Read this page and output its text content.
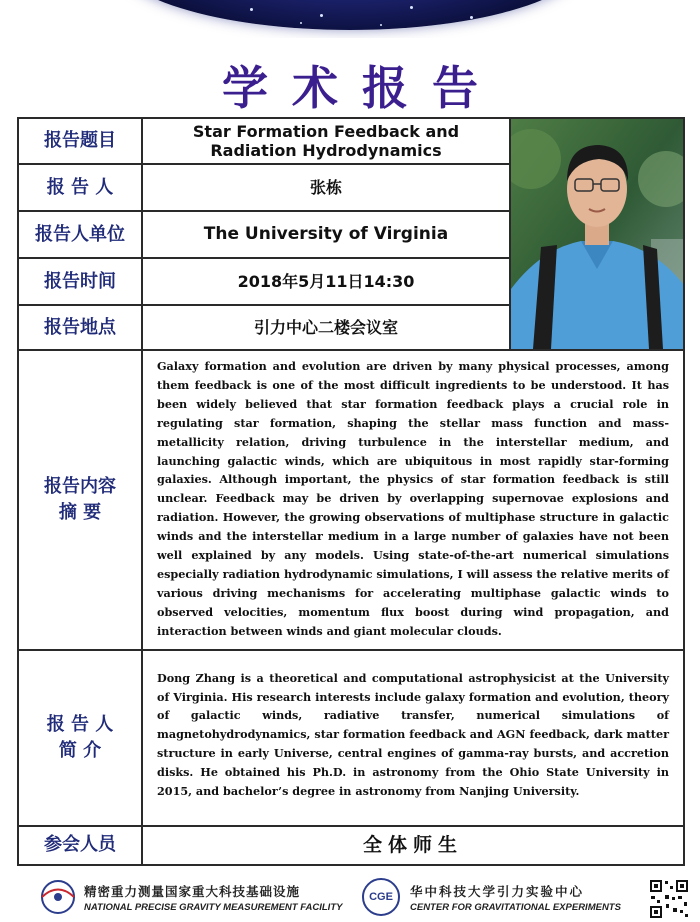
学术报告
报告题目	Star Formation Feedback and Radiation Hydrodynamics	

报 告 人	张栋	
报告人单位	The University of Virginia	
报告时间	2018年5月11日14:30	
报告地点	引力中心二楼会议室	

报告内容
摘 要	Galaxy formation and evolution are driven by many physical processes, among them feedback is one of the most difficult ingredients to be understood. It has been widely believed that star formation feedback plays a crucial role in regulating star formation, shaping the stellar mass function and mass-metallicity relation, driving turbulence in the interstellar medium, and launching galactic winds, which are ubiquitous in most rapidly star-forming galaxies. Although important, the physics of star formation feedback is still unclear. Feedback may be driven by overlapping supernovae explosions and radiation. However, the growing observations of multiphase structure in galactic winds and the interstellar medium in a large number of galaxies have not been well explained by any models. Using state-of-the-art numerical simulations especially radiation hydrodynamic simulations, I will assess the relative merits of various driving mechanisms for accelerating multiphase galactic winds to observed velocities, momentum flux boost during wind propagation, and interaction between winds and giant molecular clouds.	

报 告 人
简 介	Dong Zhang is a theoretical and computational astrophysicist at the University of Virginia. His research interests include galaxy formation and evolution, theory of galactic winds, radiative transfer, numerical simulations of magnetohydrodynamics, star formation feedback and AGN feedback, dark matter structure in early Universe, central engines of gamma-ray bursts, and accretion disks. He obtained his Ph.D. in astronomy from the Ohio State University in 2015, and bachelor’s degree in astronomy from Nanjing University.	

参会人员	全体师生	
精密重力测量国家重大科技基础设施
NATIONAL PRECISE GRAVITY MEASUREMENT FACILITY
CGE	华中科技大学引力实验中心
CENTER FOR GRAVITATIONAL EXPERIMENTS
